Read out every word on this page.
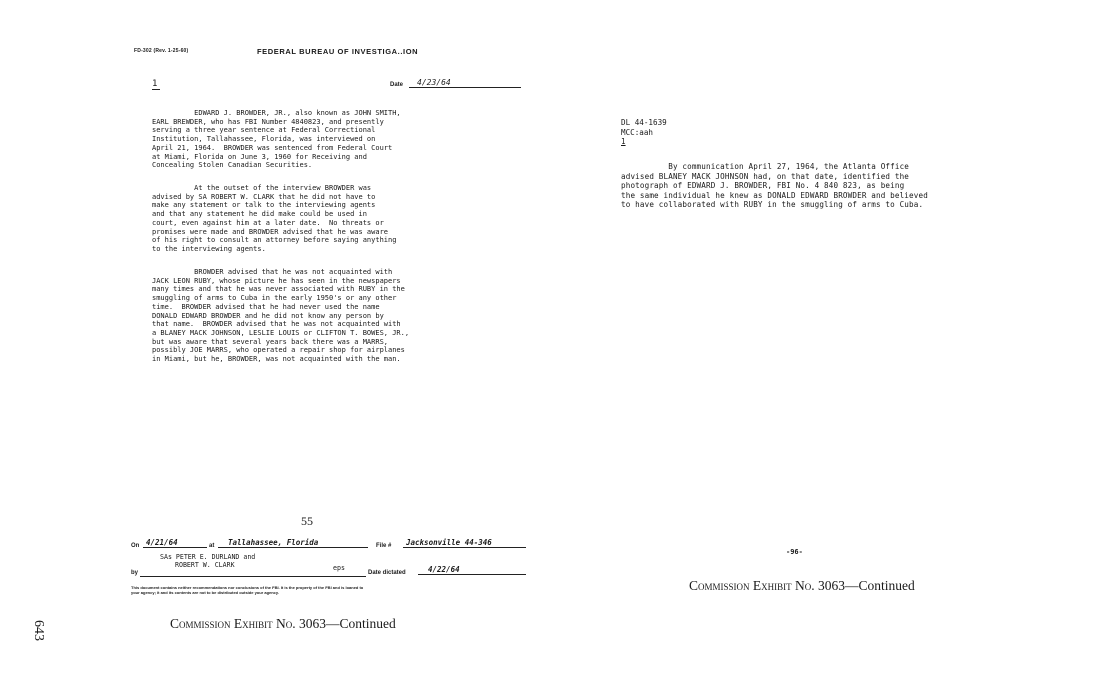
FD-302 (Rev. 1-25-60)	FEDERAL BUREAU OF INVESTIGA..ION
1	Date	4/23/64
EDWARD J. BROWDER, JR., also known as JOHN SMITH,
EARL BREWDER, who has FBI Number 4840823, and presently
serving a three year sentence at Federal Correctional
Institution, Tallahassee, Florida, was interviewed on
April 21, 1964.  BROWDER was sentenced from Federal Court
at Miami, Florida on June 3, 1960 for Receiving and
Concealing Stolen Canadian Securities.
At the outset of the interview BROWDER was
advised by SA ROBERT W. CLARK that he did not have to
make any statement or talk to the interviewing agents
and that any statement he did make could be used in
court, even against him at a later date.  No threats or
promises were made and BROWDER advised that he was aware
of his right to consult an attorney before saying anything
to the interviewing agents.
BROWDER advised that he was not acquainted with
JACK LEON RUBY, whose picture he has seen in the newspapers
many times and that he was never associated with RUBY in the
smuggling of arms to Cuba in the early 1950's or any other
time.  BROWDER advised that he had never used the name
DONALD EDWARD BROWDER and he did not know any person by
that name.  BROWDER advised that he was not acquainted with
a BLANEY MACK JOHNSON, LESLIE LOUIS or CLIFTON T. BOWES, JR.,
but was aware that several years back there was a MARRS,
possibly JOE MARRS, who operated a repair shop for airplanes
in Miami, but he, BROWDER, was not acquainted with the man.
55
On 4/21/64	at	Tallahassee, Florida	File #	Jacksonville 44-346
SAs PETER E. DURLAND and
ROBERT W. CLARK
by
eps
Date dictated	4/22/64
This document contains neither recommendations nor conclusions of the FBI. It is the property of the FBI and is loaned to
your agency; it and its contents are not to be distributed outside your agency.
Commission Exhibit No. 3063—Continued
643
DL 44-1639
MCC:aah
1
By communication April 27, 1964, the Atlanta Office
advised BLANEY MACK JOHNSON had, on that date, identified the
photograph of EDWARD J. BROWDER, FBI No. 4 840 823, as being
the same individual he knew as DONALD EDWARD BROWDER and believed
to have collaborated with RUBY in the smuggling of arms to Cuba.
-96-
Commission Exhibit No. 3063—Continued
